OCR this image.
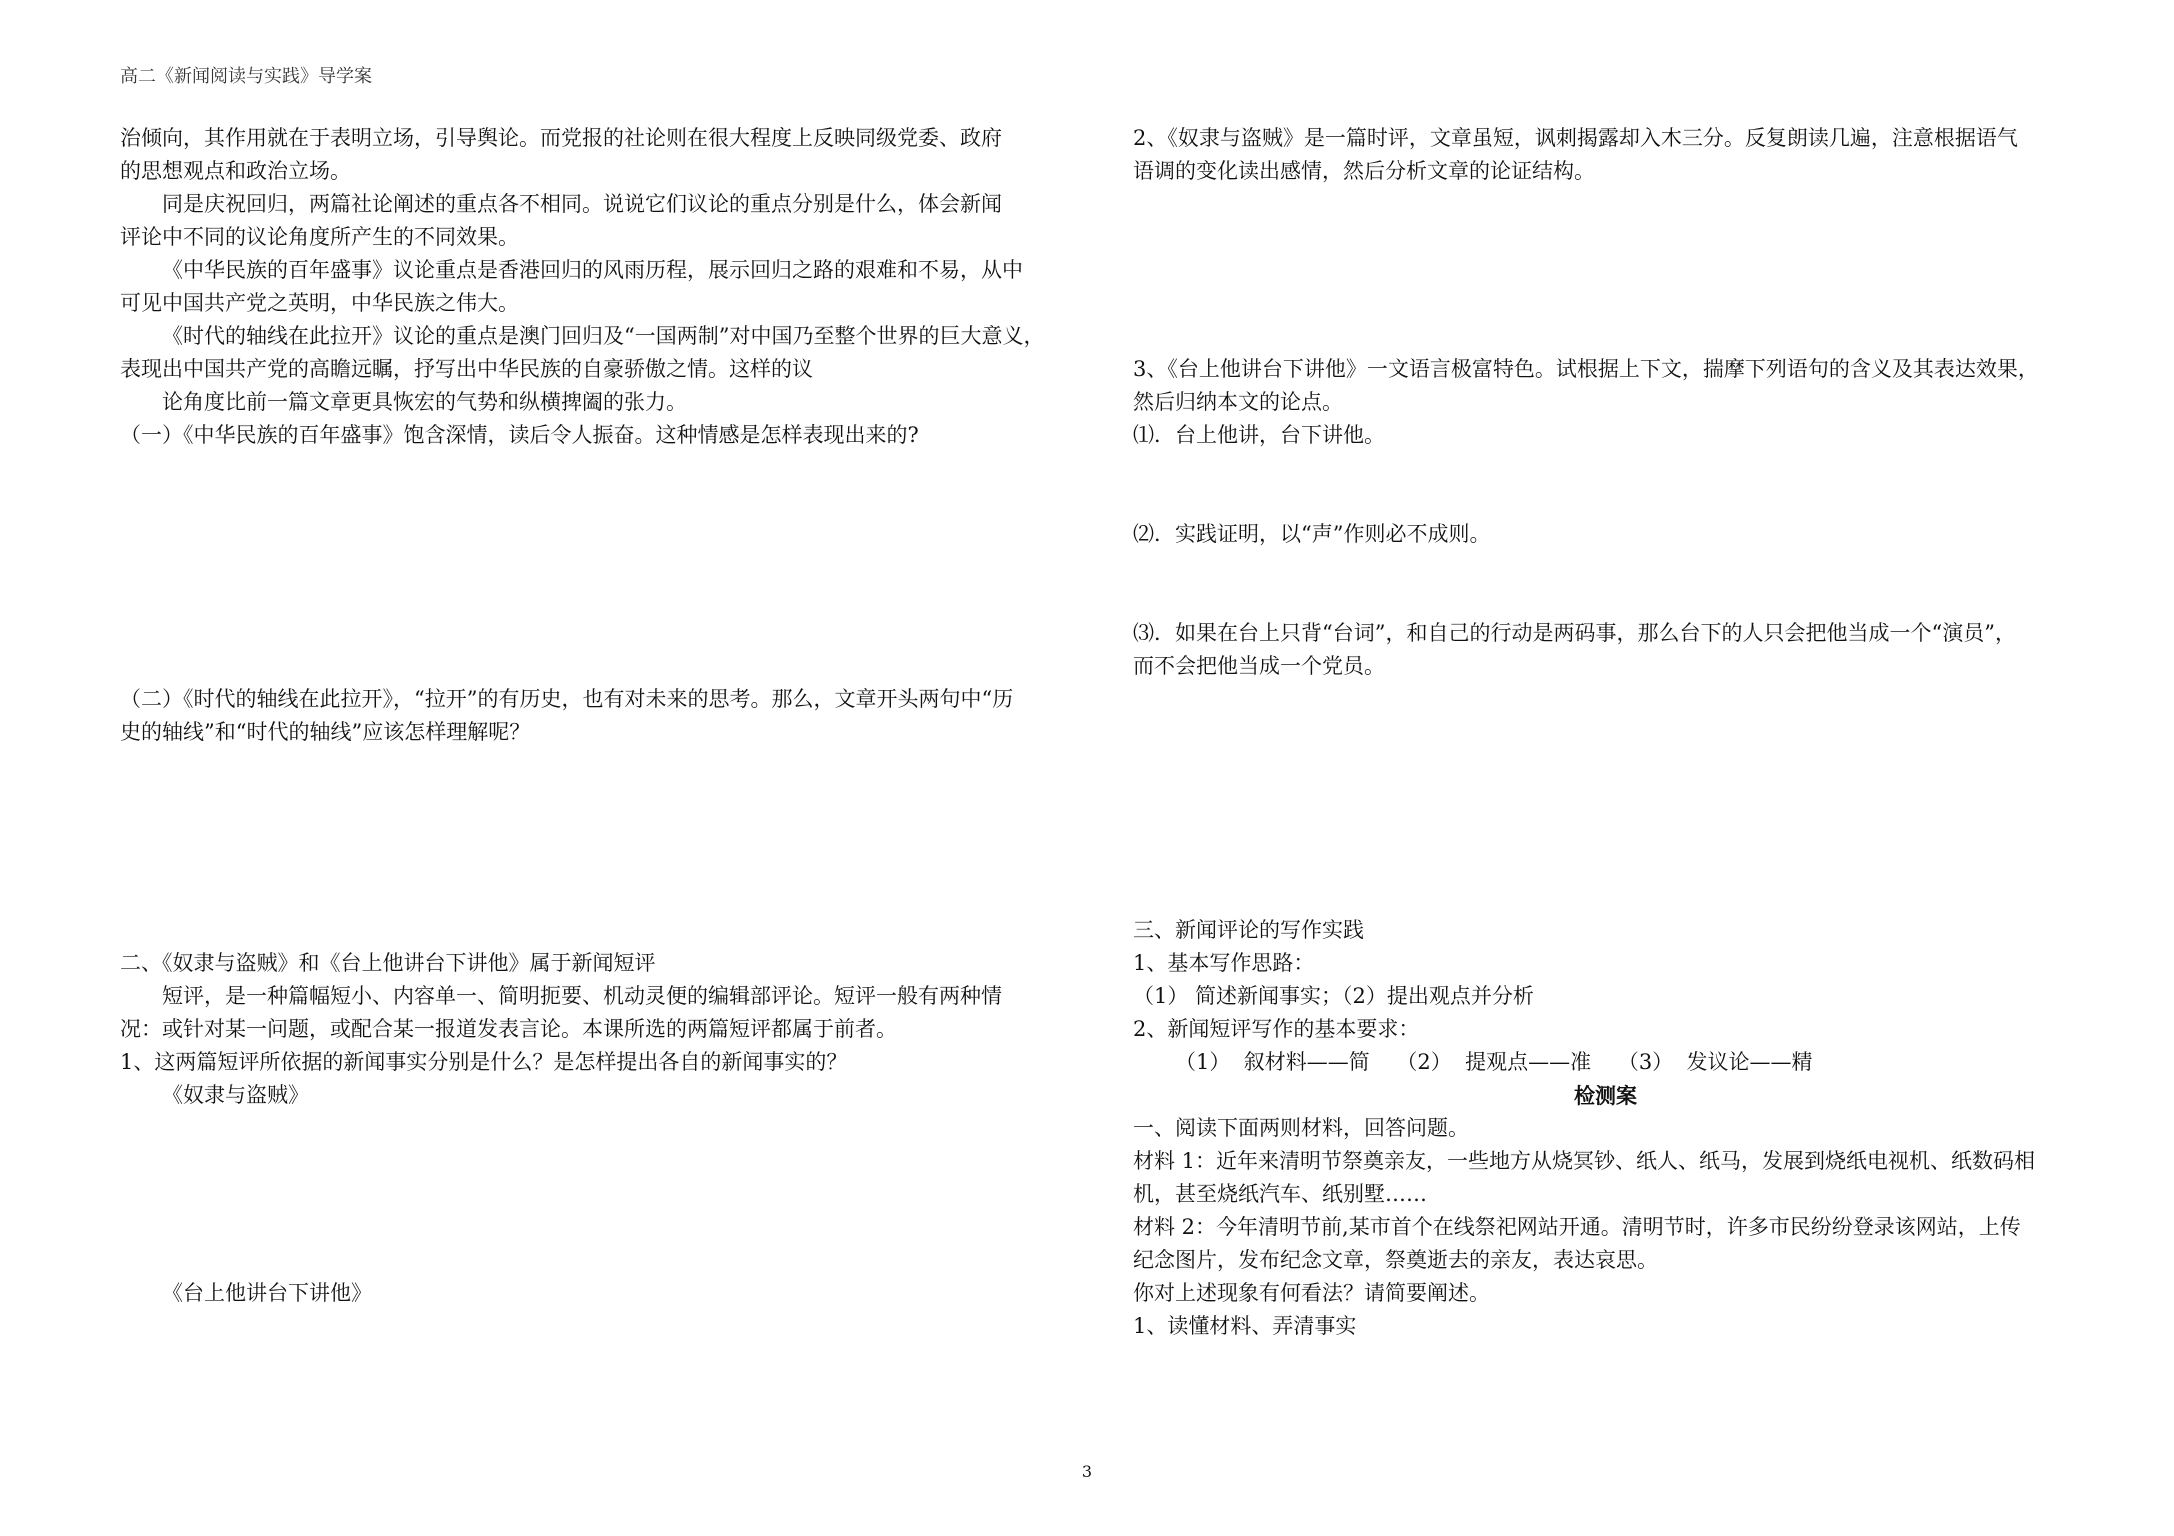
高二《新闻阅读与实践》导学案
治倾向，其作用就在于表明立场，引导舆论。而党报的社论则在很大程度上反映同级党委、政府
的思想观点和政治立场。
同是庆祝回归，两篇社论阐述的重点各不相同。说说它们议论的重点分别是什么，体会新闻
评论中不同的议论角度所产生的不同效果。
《中华民族的百年盛事》议论重点是香港回归的风雨历程，展示回归之路的艰难和不易，从中
可见中国共产党之英明，中华民族之伟大。
《时代的轴线在此拉开》议论的重点是澳门回归及“一国两制”对中国乃至整个世界的巨大意义，
表现出中国共产党的高瞻远瞩，抒写出中华民族的自豪骄傲之情。这样的议
论角度比前一篇文章更具恢宏的气势和纵横捭阖的张力。
（一）《中华民族的百年盛事》饱含深情，读后令人振奋。这种情感是怎样表现出来的?
（二）《时代的轴线在此拉开》，“拉开”的有历史，也有对未来的思考。那么，文章开头两句中“历
史的轴线”和“时代的轴线”应该怎样理解呢？
二、《奴隶与盗贼》和《台上他讲台下讲他》属于新闻短评
短评，是一种篇幅短小、内容单一、简明扼要、机动灵便的编辑部评论。短评一般有两种情
况：或针对某一问题，或配合某一报道发表言论。本课所选的两篇短评都属于前者。
1、这两篇短评所依据的新闻事实分别是什么？是怎样提出各自的新闻事实的？
《奴隶与盗贼》
《台上他讲台下讲他》
2、《奴隶与盗贼》是一篇时评，文章虽短，讽刺揭露却入木三分。反复朗读几遍，注意根据语气
语调的变化读出感情，然后分析文章的论证结构。
3、《台上他讲台下讲他》一文语言极富特色。试根据上下文，揣摩下列语句的含义及其表达效果，
然后归纳本文的论点。
⑴．台上他讲，台下讲他。
⑵．实践证明，以“声”作则必不成则。
⑶．如果在台上只背“台词”，和自己的行动是两码事，那么台下的人只会把他当成一个“演员”，
而不会把他当成一个党员。
三、新闻评论的写作实践
1、基本写作思路：
（1） 简述新闻事实；（2）提出观点并分析
2、新闻短评写作的基本要求：
（1）  叙材料——简    （2）  提观点——准    （3）  发议论——精
检测案
一、阅读下面两则材料，回答问题。
材料 1：近年来清明节祭奠亲友，一些地方从烧冥钞、纸人、纸马，发展到烧纸电视机、纸数码相
机，甚至烧纸汽车、纸别墅……
材料 2：今年清明节前,某市首个在线祭祀网站开通。清明节时，许多市民纷纷登录该网站，上传
纪念图片，发布纪念文章，祭奠逝去的亲友，表达哀思。
你对上述现象有何看法？请简要阐述。
1、读懂材料、弄清事实
3
